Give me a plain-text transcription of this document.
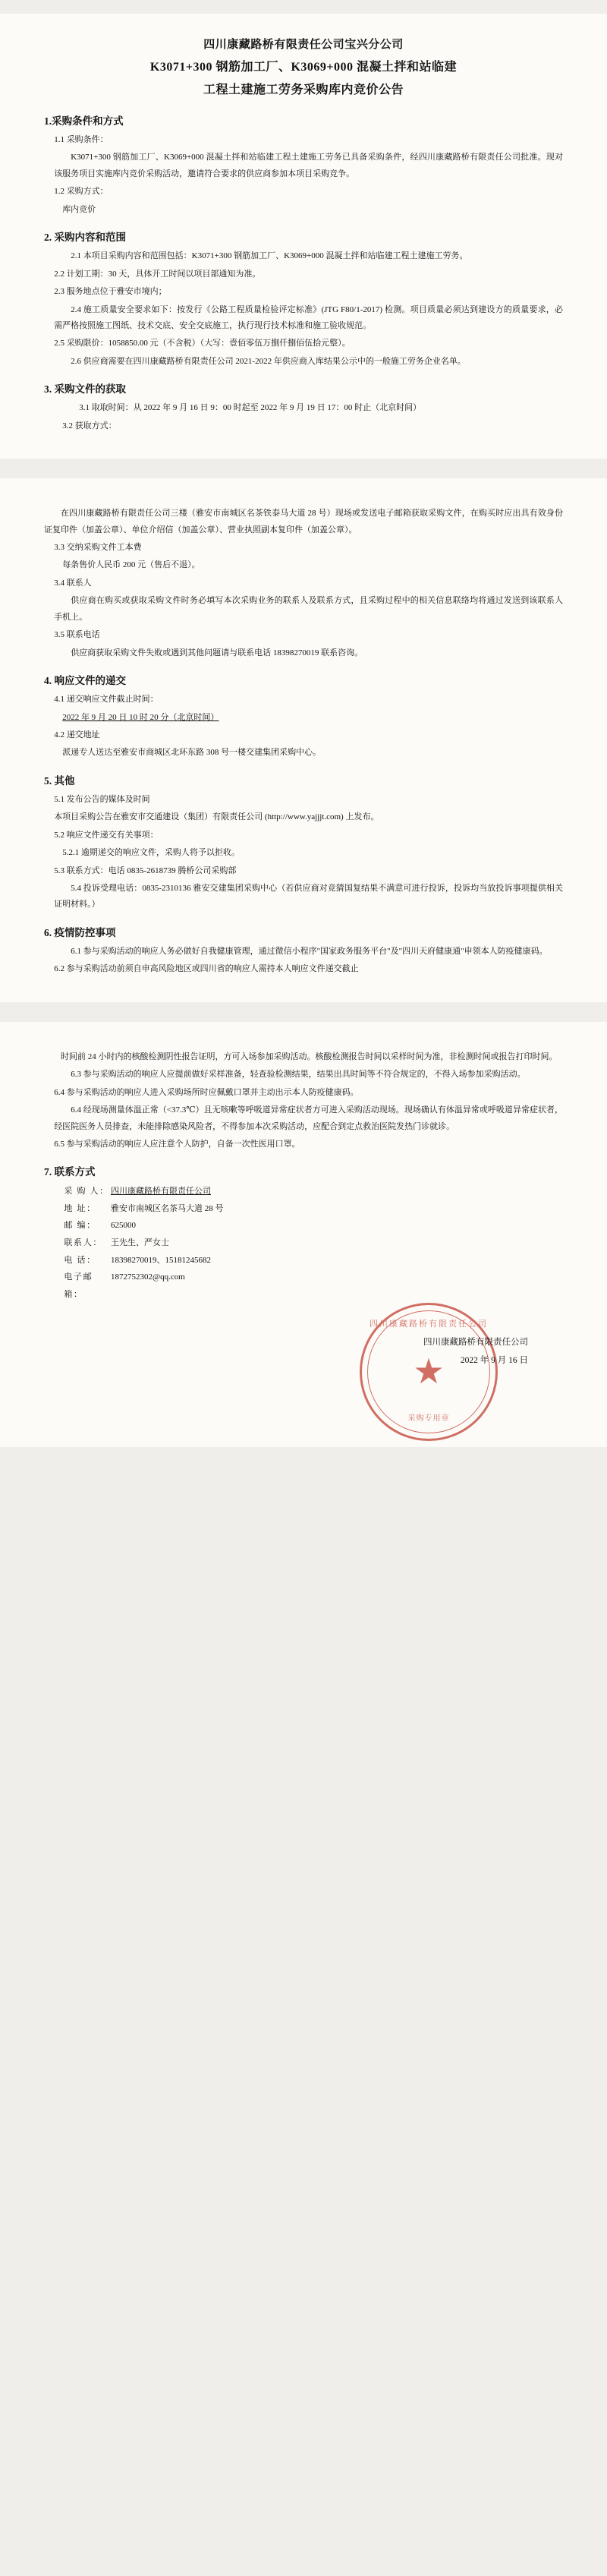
四川康藏路桥有限责任公司宝兴分公司
K3071+300 钢筋加工厂、K3069+000 混凝土拌和站临建
工程土建施工劳务采购库内竞价公告
1.采购条件和方式

1.1 采购条件：

K3071+300 钢筋加工厂、K3069+000 混凝土拌和站临建工程土建施工劳务已具备采购条件，经四川康藏路桥有限责任公司批准。现对该服务项目实施库内竞价采购活动，邀请符合要求的供应商参加本项目采购竞争。

1.2 采购方式：

库内竞价

2. 采购内容和范围

2.1 本项目采购内容和范围包括：K3071+300 钢筋加工厂、K3069+000 混凝土拌和站临建工程土建施工劳务。

2.2 计划工期：30 天，具体开工时间以项目部通知为准。

2.3 服务地点位于雅安市境内；

2.4 施工质量安全要求如下：按发行《公路工程质量检验评定标准》(JTG F80/1-2017) 检测。项目质量必须达到建设方的质量要求，必需严格按照施工图纸、技术交底、安全交底施工，执行现行技术标准和施工验收规范。

2.5 采购限价：1058850.00 元（不含税）（大写：壹佰零伍万捌仟捌佰伍拾元整）。

2.6 供应商需要在四川康藏路桥有限责任公司 2021-2022 年供应商入库结果公示中的一般施工劳务企业名单。

3. 采购文件的获取

3.1 取取时间：从 2022 年 9 月 16 日 9：00 时起至 2022 年 9 月 19 日 17：00 时止（北京时间）

3.2 获取方式：

在四川康藏路桥有限责任公司三楼（雅安市南城区名茶铁泰马大道 28 号）现场或发送电子邮箱获取采购文件，在购买时应出具有效身份证复印件（加盖公章）、单位介绍信（加盖公章）、营业执照副本复印件（加盖公章）。

3.3 交纳采购文件工本费

每条售价人民币 200 元（售后不退）。

3.4 联系人

供应商在购买或获取采购文件时务必填写本次采购业务的联系人及联系方式，且采购过程中的相关信息联络均将通过发送到该联系人手机上。

3.5 联系电话

供应商获取采购文件失败或遇到其他问题请与联系电话 18398270019 联系咨询。

4. 响应文件的递交

4.1 递交响应文件截止时间：

2022 年 9 月 20 日 10 时 20 分（北京时间）

4.2 递交地址

派递专人送达至雅安市商城区北环东路 308 号一楼交建集团采购中心。

5. 其他

5.1 发布公告的媒体及时间

本项目采购公告在雅安市交通建设（集团）有限责任公司 (http://www.yajjjt.com) 上发布。

5.2 响应文件递交有关事项：

5.2.1 逾期递交的响应文件，采购人将予以拒收。

5.3 联系方式：电话 0835-2618739 腾桥公司采购部

5.4 投诉受理电话：0835-2310136 雅安交建集团采购中心（若供应商对竞猜国复结果不满意可进行投诉，投诉均当放投诉事项提供相关证明材料。）

6. 疫情防控事项

6.1 参与采购活动的响应人务必做好自我健康管理，通过微信小程序"国家政务服务平台"及"四川天府健康通"申领本人防疫健康码。

6.2 参与采购活动前须自申高风险地区或四川省的响应人需持本人响应文件递交截止

时间前 24 小时内的核酸检测阴性报告证明，方可入场参加采购活动。核酸检测报告时间以采样时间为准，非检测时间或报告打印时间。

6.3 参与采购活动的响应人应提前做好采样准备，轻查验检测结果，结果出具时间等不符合规定的，不得入场参加采购活动。

6.4 参与采购活动的响应人进入采购场所时应佩戴口罩并主动出示本人防疫健康码。

6.4 经现场测量体温正常（<37.3℃）且无咳嗽等呼吸道异常症状者方可进入采购活动现场。现场确认有体温异常或呼吸道异常症状者，经医院医务人员排查，未能排除感染风险者，不得参加本次采购活动，应配合到定点救治医院发热门诊就诊。

6.5 参与采购活动的响应人应注意个人防护，自备一次性医用口罩。

7. 联系方式
采 购 人： 四川康藏路桥有限责任公司
地 址：	雅安市南城区名茶马大道 28 号
邮 编：	625000
联系人： 王先生、严女士
电 话：	18398270019、15181245682
电子邮箱：
1872752302@qq.com
四川康藏路桥有限责任公司
★
采购专用章
四川康藏路桥有限责任公司
2022 年 9 月 16 日
